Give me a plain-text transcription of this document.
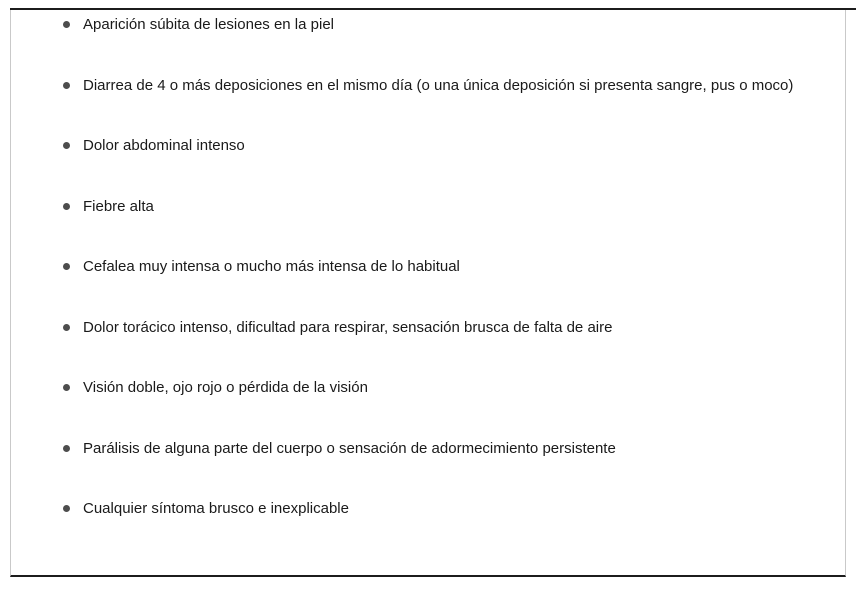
Aparición súbita de lesiones en la piel
Diarrea de 4 o más deposiciones en el mismo día (o una única deposición si presenta sangre, pus o moco)
Dolor abdominal intenso
Fiebre alta
Cefalea muy intensa o mucho más intensa de lo habitual
Dolor torácico intenso, dificultad para respirar, sensación brusca de falta de aire
Visión doble, ojo rojo o pérdida de la visión
Parálisis de alguna parte del cuerpo o sensación de adormecimiento persistente
Cualquier síntoma brusco e inexplicable
